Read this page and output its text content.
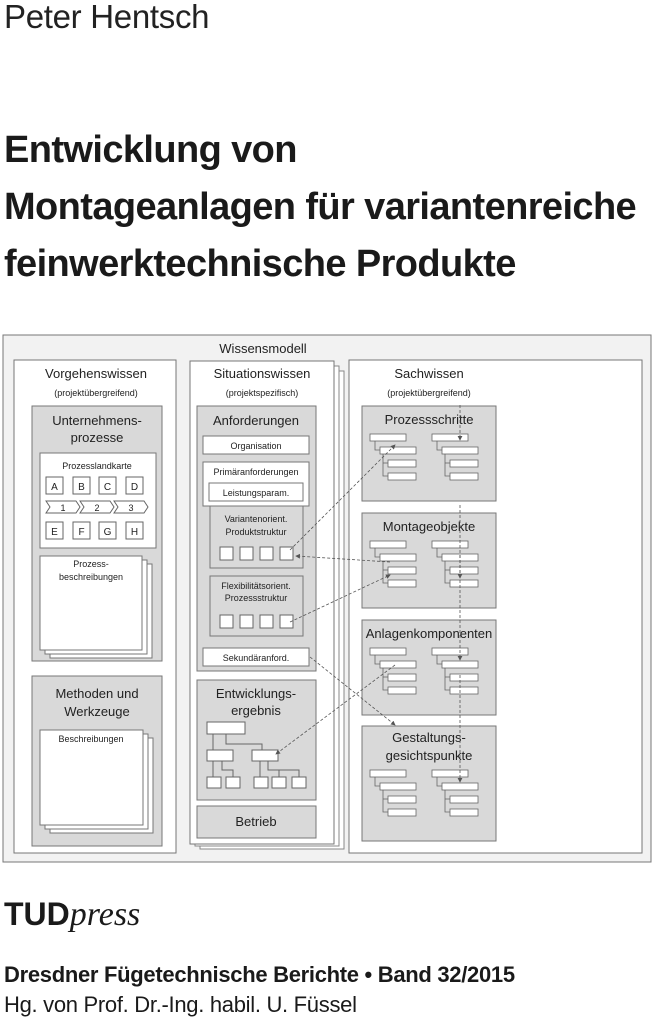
Peter Hentsch
Entwicklung von
Montageanlagen für variantenreiche
feinwerktechnische Produkte
Wissensmodell
Vorgehenswissen
(projektübergreifend)
Unternehmens-
prozesse
Prozesslandkarte
A B C D
1	2	3
E F G H
Prozess-
beschreibungen
Methoden und
Werkzeuge
Beschreibungen
Situationswissen
(projektspezifisch)
Anforderungen
Organisation
Primäranforderungen
Leistungsparam.
Variantenorient.
Produktstruktur
Flexibilitätsorient.
Prozessstruktur
Sekundäranford.
Entwicklungs-
ergebnis
Betrieb
Sachwissen
(projektübergreifend)
Prozessschritte
Montageobjekte
Anlagenkomponenten
Gestaltungs-
gesichtspunkte
TUDpress
Dresdner Fügetechnische Berichte • Band 32/2015
Hg. von Prof. Dr.-Ing. habil. U. Füssel
